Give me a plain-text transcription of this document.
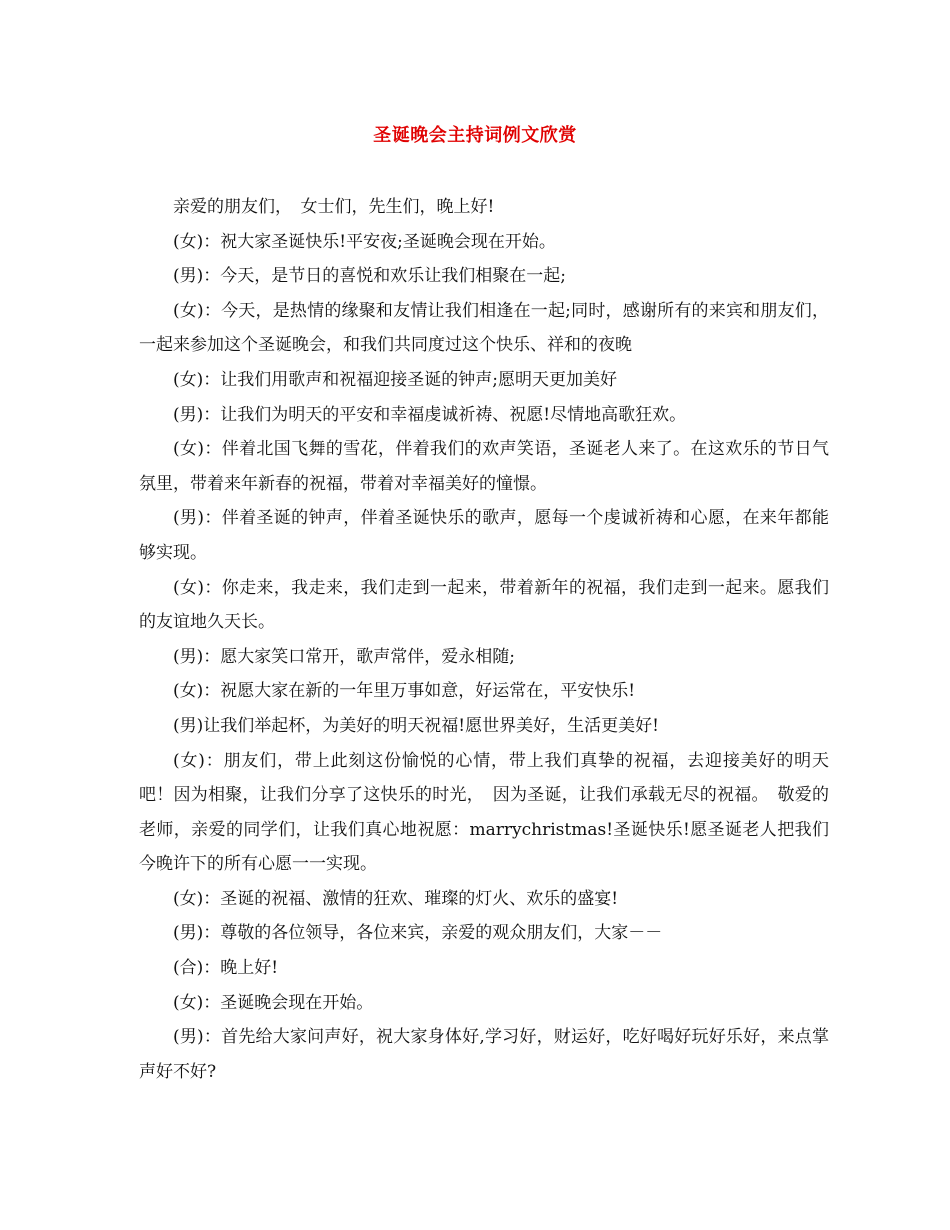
圣诞晚会主持词例文欣赏

亲爱的朋友们，　女士们，先生们，晚上好!

(女)：祝大家圣诞快乐!平安夜;圣诞晚会现在开始。

(男)：今天，是节日的喜悦和欢乐让我们相聚在一起;

(女)：今天，是热情的缘聚和友情让我们相逢在一起;同时，感谢所有的来宾和朋友们，一起来参加这个圣诞晚会，和我们共同度过这个快乐、祥和的夜晚

(女)：让我们用歌声和祝福迎接圣诞的钟声;愿明天更加美好

(男)：让我们为明天的平安和幸福虔诚祈祷、祝愿!尽情地高歌狂欢。

(女)：伴着北国飞舞的雪花，伴着我们的欢声笑语，圣诞老人来了。在这欢乐的节日气氛里，带着来年新春的祝福，带着对幸福美好的憧憬。

(男)：伴着圣诞的钟声，伴着圣诞快乐的歌声，愿每一个虔诚祈祷和心愿，在来年都能够实现。

(女)：你走来，我走来，我们走到一起来，带着新年的祝福，我们走到一起来。愿我们的友谊地久天长。

(男)：愿大家笑口常开，歌声常伴，爱永相随;

(女)：祝愿大家在新的一年里万事如意，好运常在，平安快乐!

(男)让我们举起杯，为美好的明天祝福!愿世界美好，生活更美好!

(女)：朋友们，带上此刻这份愉悦的心情，带上我们真挚的祝福，去迎接美好的明天吧！因为相聚，让我们分享了这快乐的时光，　因为圣诞，让我们承载无尽的祝福。　敬爱的老师，亲爱的同学们，让我们真心地祝愿：marrychristmas!圣诞快乐!愿圣诞老人把我们今晚许下的所有心愿一一实现。

(女)：圣诞的祝福、激情的狂欢、璀璨的灯火、欢乐的盛宴!

(男)：尊敬的各位领导，各位来宾，亲爱的观众朋友们，大家－－

(合)：晚上好!

(女)：圣诞晚会现在开始。

(男)：首先给大家问声好，祝大家身体好,学习好，财运好，吃好喝好玩好乐好，来点掌声好不好?
